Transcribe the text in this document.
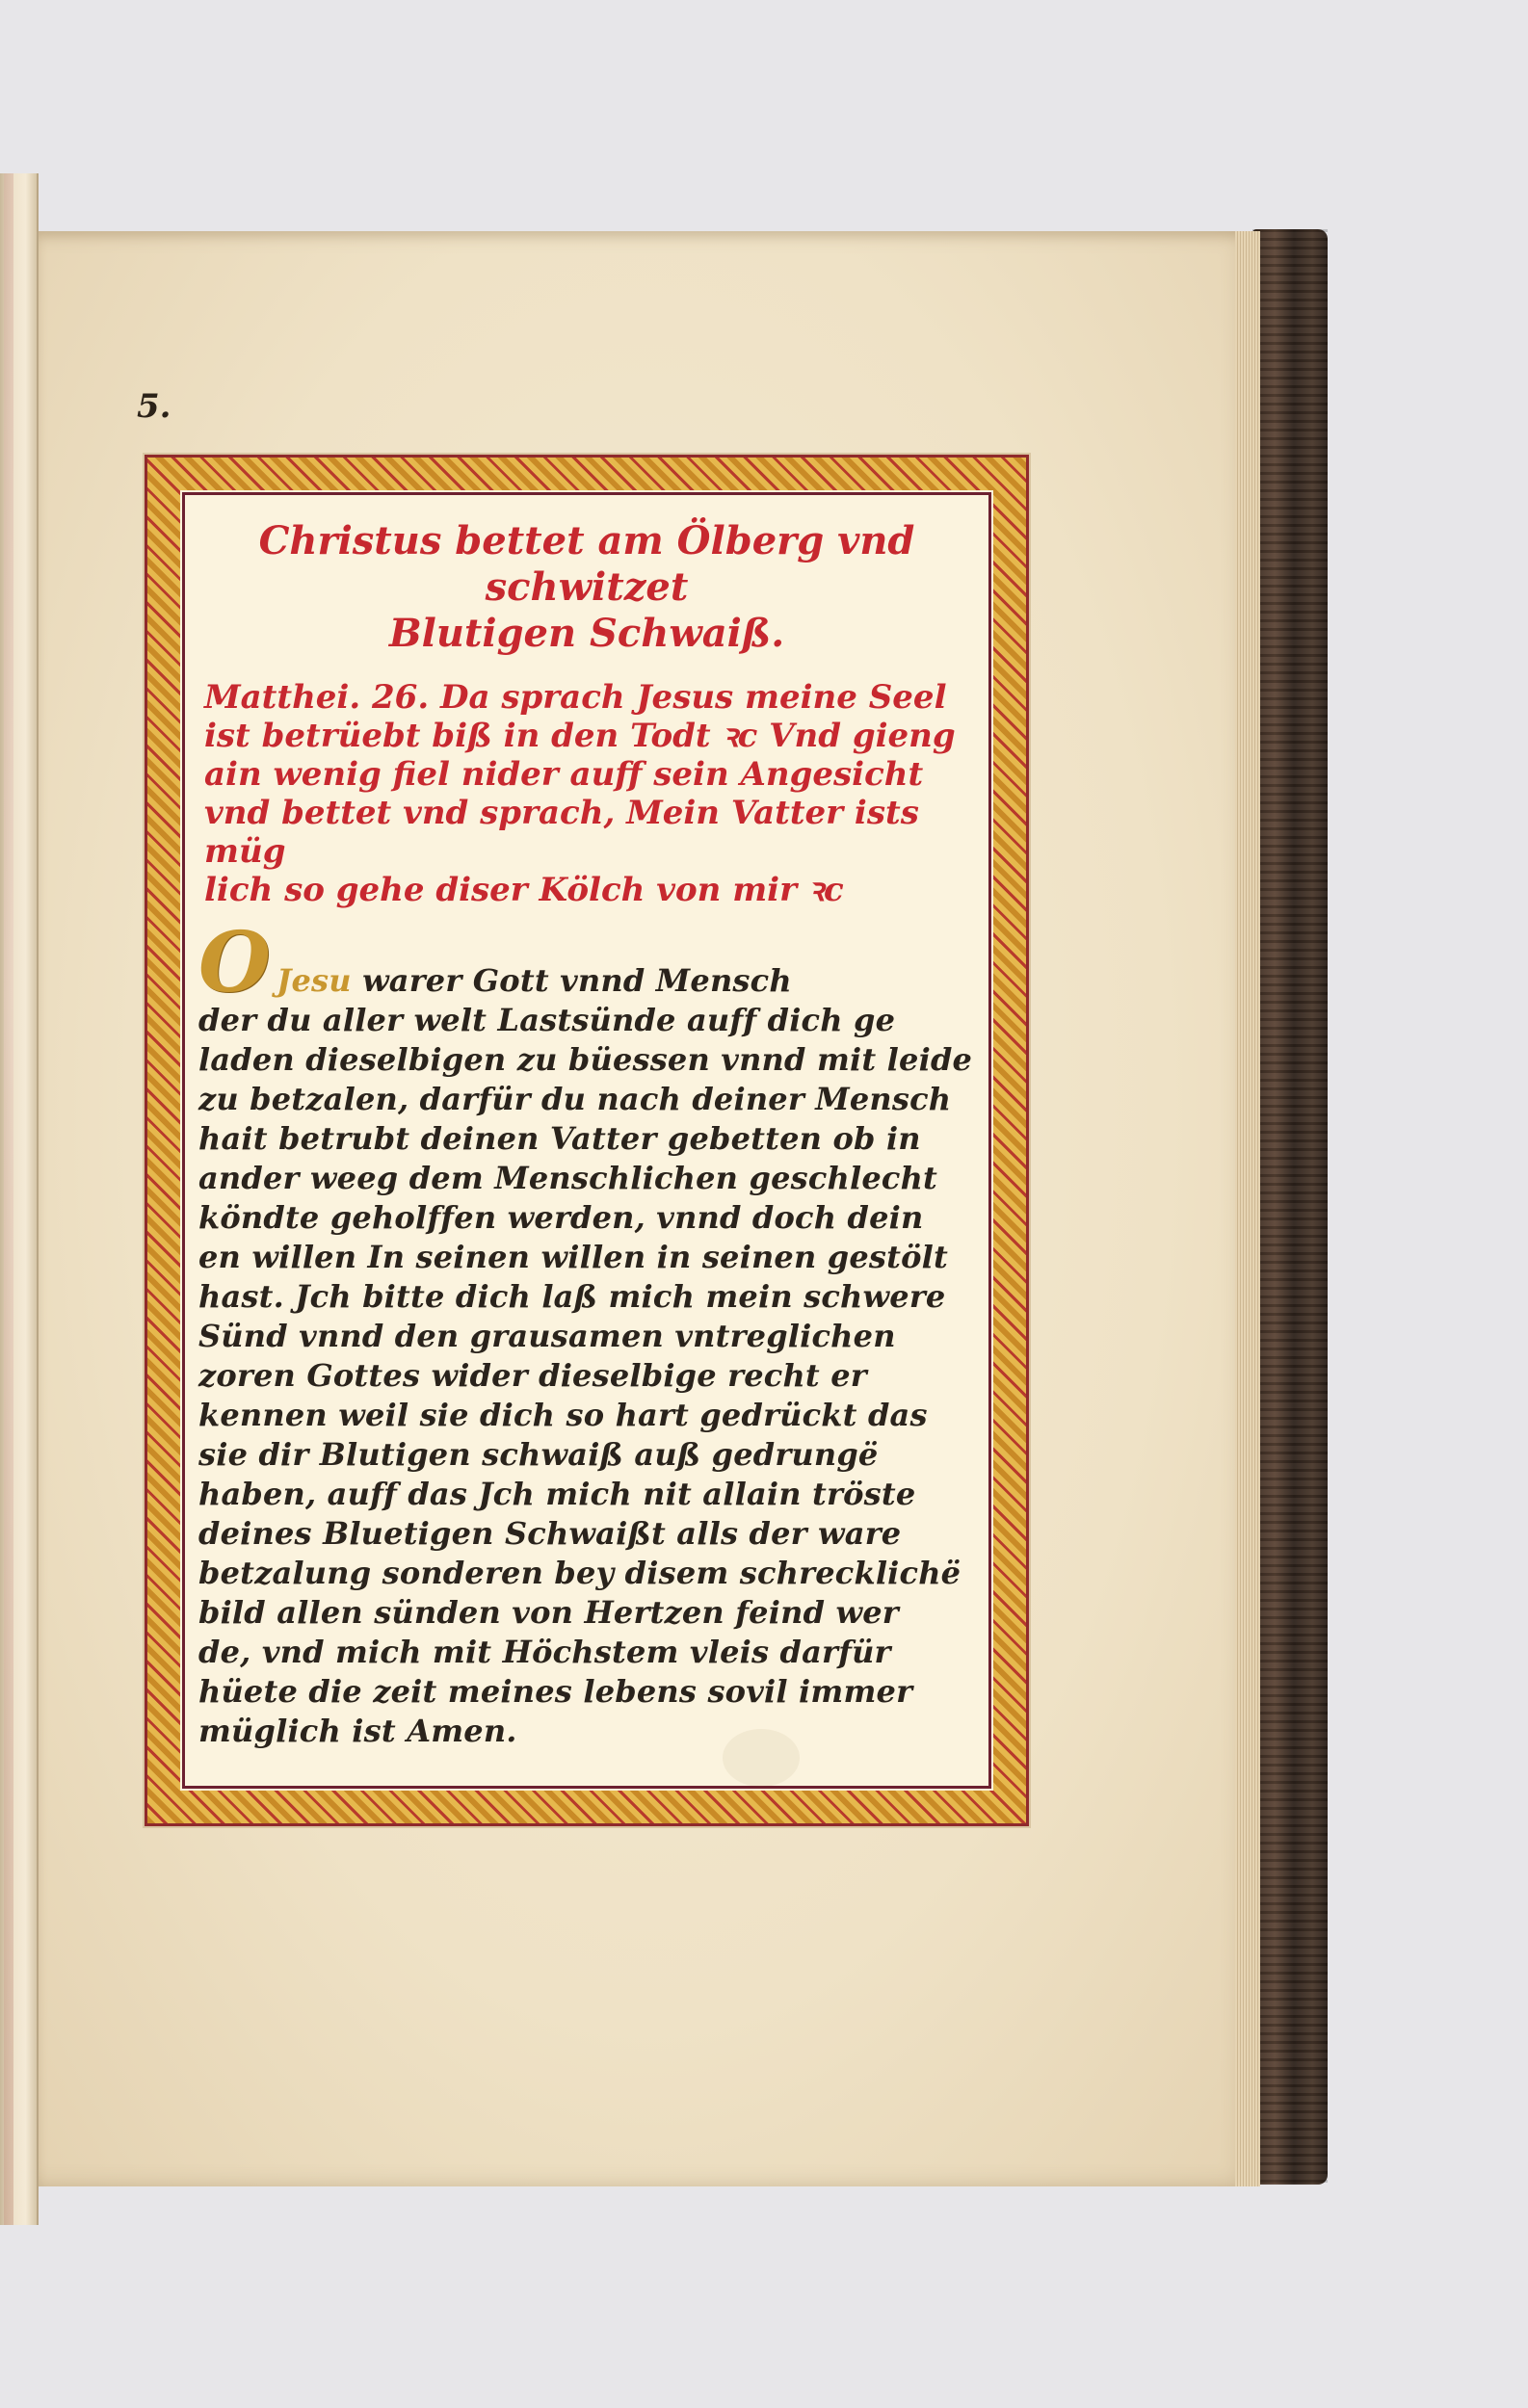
5.

Christus bettet am Ölberg vnd schwitzet

Blutigen Schwaiß.

Matthei. 26. Da sprach Jesus meine Seel

ist betrüebt biß in den Todt ꝛc Vnd gieng

ain wenig fiel nider auff sein Angesicht

vnd bettet vnd sprach, Mein Vatter ists müg

lich so gehe diser Kölch von mir ꝛc

O Jesu warer Gott vnnd Mensch

der du aller welt Lastsünde auff dich ge

laden dieselbigen zu büessen vnnd mit leide

zu betzalen, darfür du nach deiner Mensch

hait betrubt deinen Vatter gebetten ob in

ander weeg dem Menschlichen geschlecht

köndte geholffen werden, vnnd doch dein

en willen In seinen willen in seinen gestölt

hast. Jch bitte dich laß mich mein schwere

Sünd vnnd den grausamen vntreglichen

zoren Gottes wider dieselbige recht er

kennen weil sie dich so hart gedrückt das

sie dir Blutigen schwaiß auß gedrungë

haben, auff das Jch mich nit allain tröste

deines Bluetigen Schwaißt alls der ware

betzalung sonderen bey disem schrecklichë

bild allen sünden von Hertzen feind wer

de, vnd mich mit Höchstem vleis darfür

hüete die zeit meines lebens sovil immer

müglich ist Amen.
